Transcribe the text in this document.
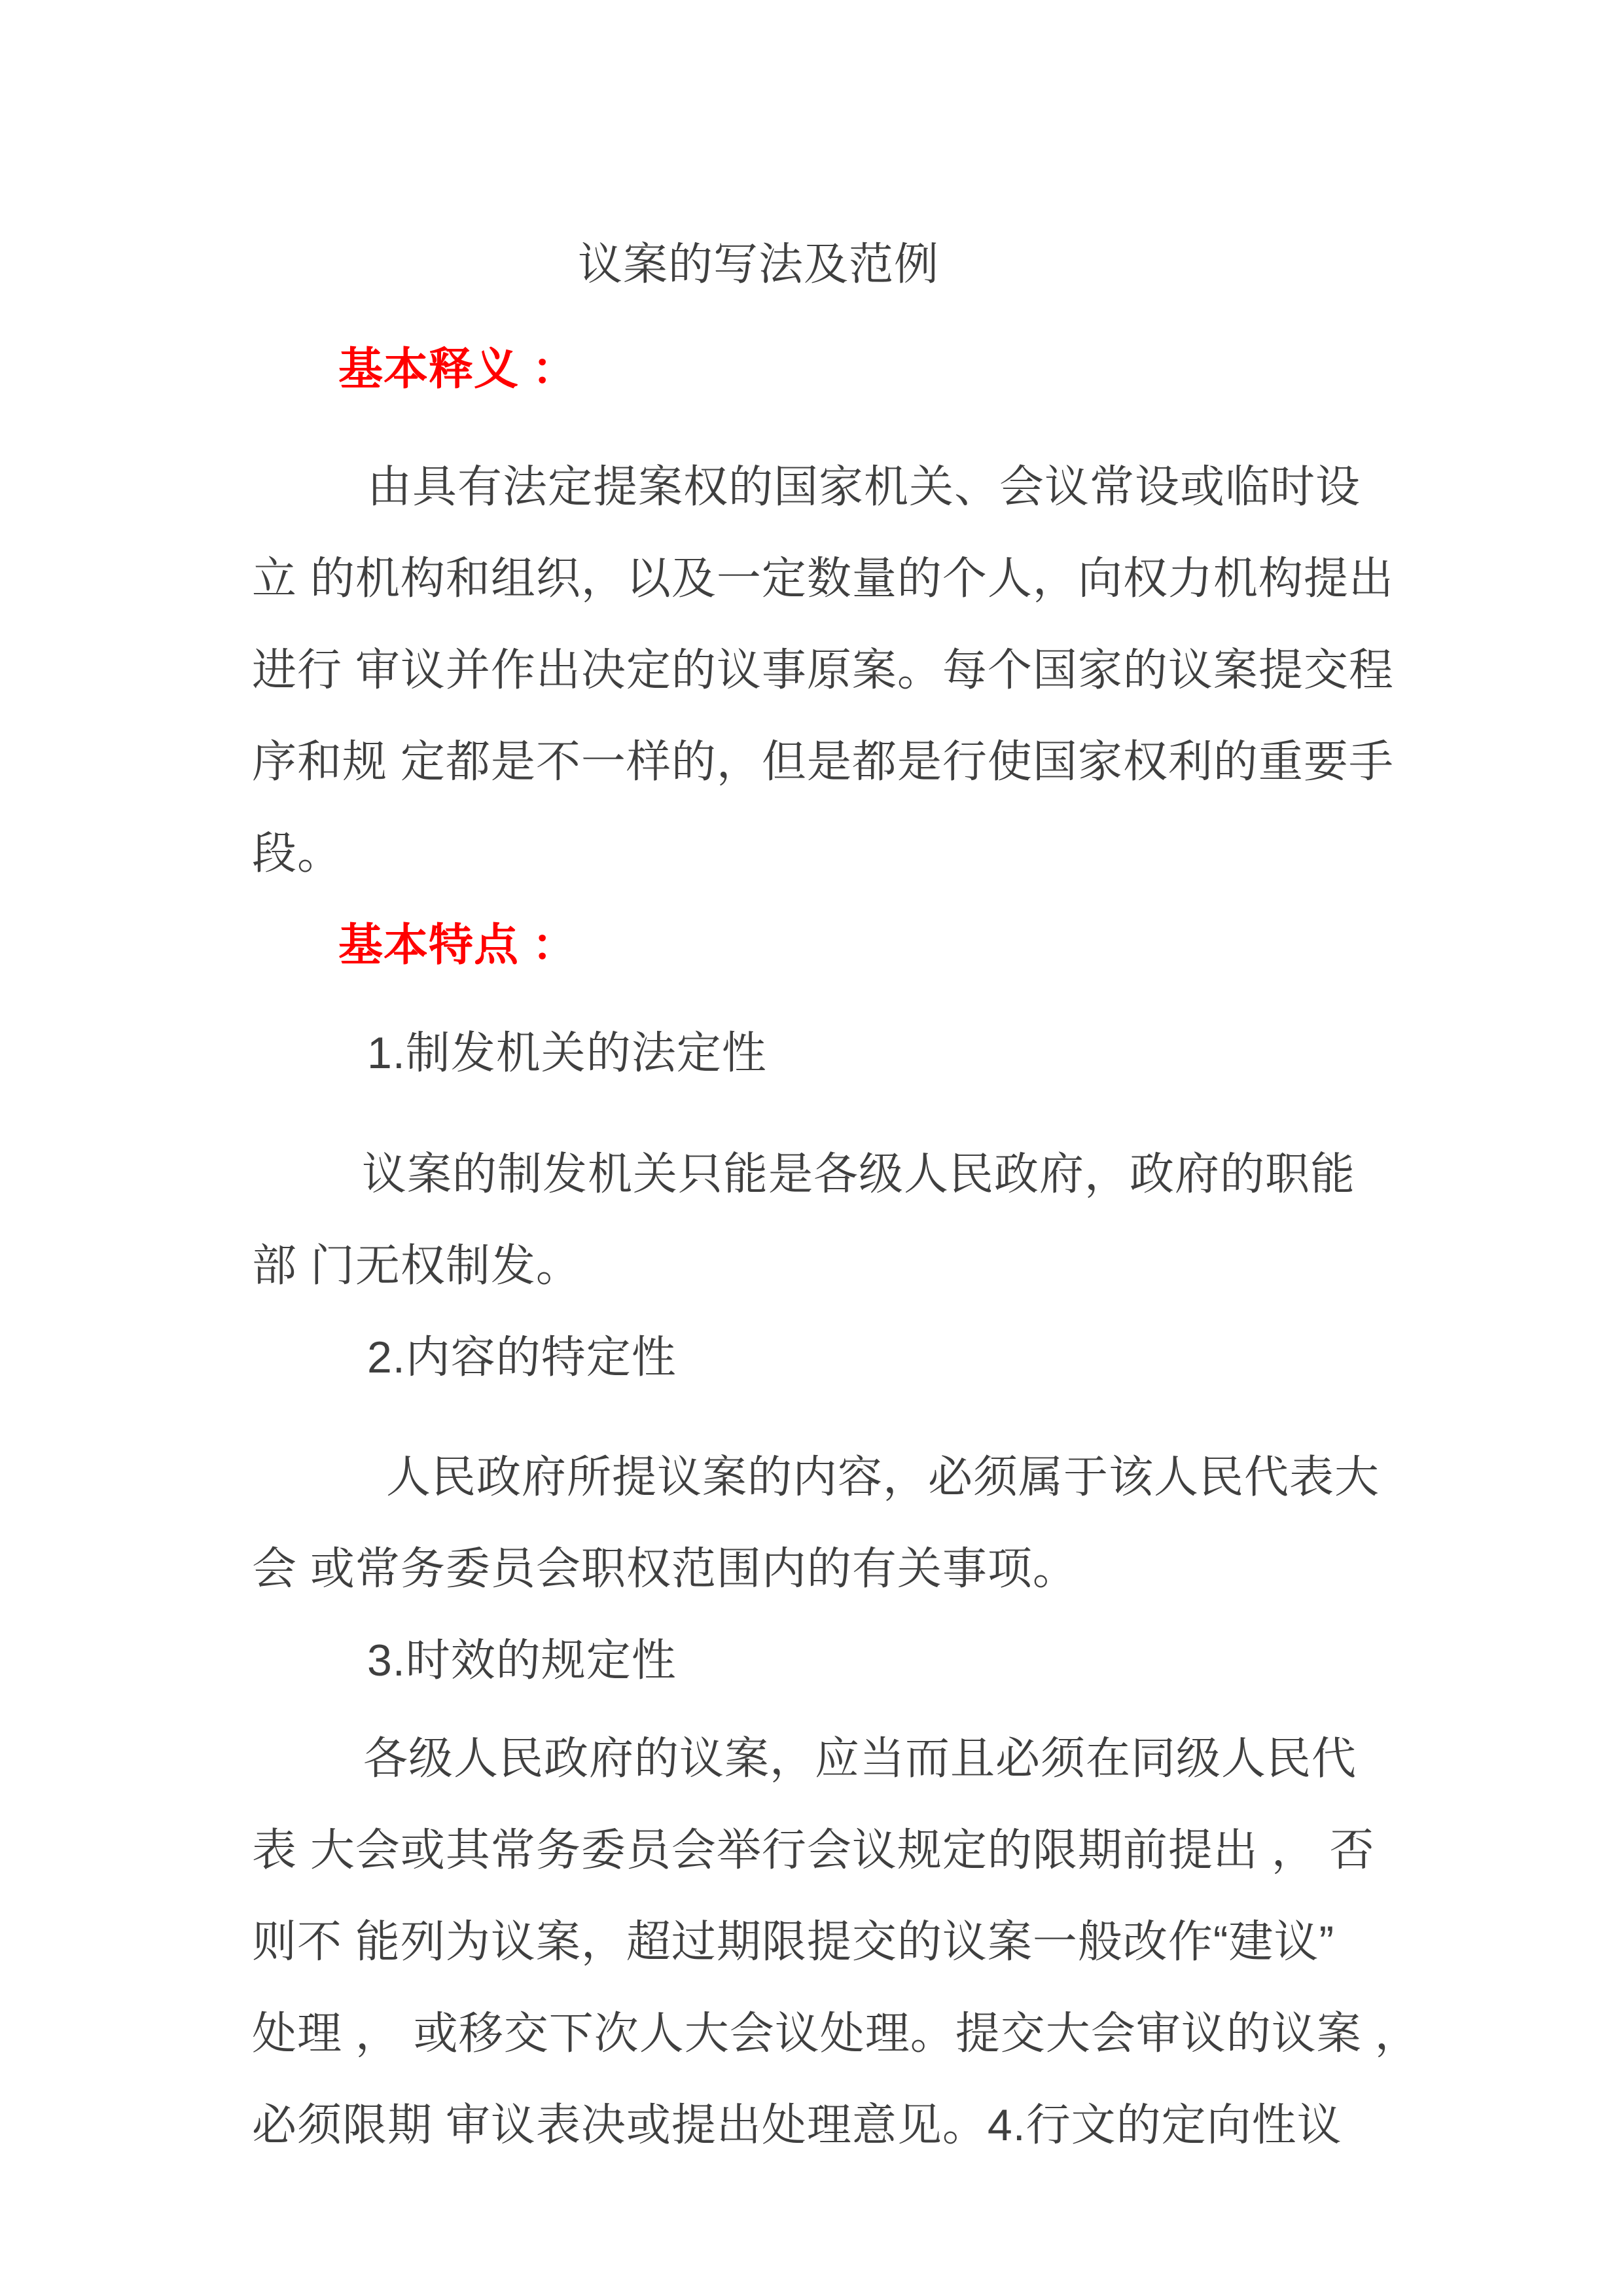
议案的写法及范例
基本释义 ：
由具有法定提案权的国家机关、会议常设或临时设
立 的机构和组织，以及一定数量的个人，向权力机构提出
进行 审议并作出决定的议事原案。每个国家的议案提交程
序和规 定都是不一样的，但是都是行使国家权利的重要手
段。
基本特点 ：
1.制发机关的法定性
议案的制发机关只能是各级人民政府，政府的职能
部 门无权制发。
2.内容的特定性
人民政府所提议案的内容，必须属于该人民代表大
会 或常务委员会职权范围内的有关事项。
3.时效的规定性
各级人民政府的议案，应当而且必须在同级人民代
表 大会或其常务委员会举行会议规定的限期前提出 ， 否
则不 能列为议案，超过期限提交的议案一般改作“建议”
处理 ， 或移交下次人大会议处理。提交大会审议的议案 ，
必须限期 审议表决或提出处理意见。4.行文的定向性议
